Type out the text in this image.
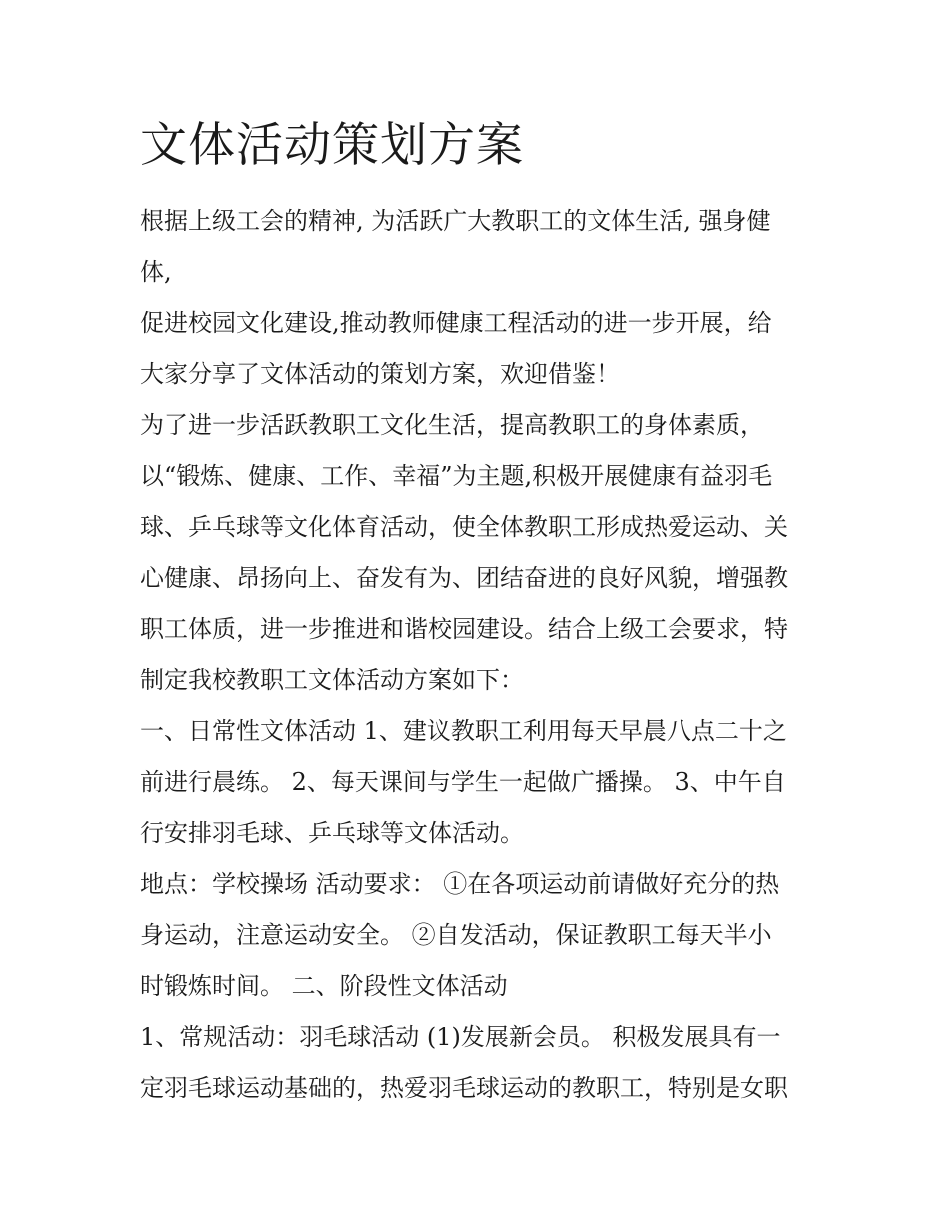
文体活动策划方案
根据上级工会的精神, 为活跃广大教职工的文体生活, 强身健
体,
促进校园文化建设,推动教师健康工程活动的进一步开展，给
大家分享了文体活动的策划方案，欢迎借鉴！
为了进一步活跃教职工文化生活，提高教职工的身体素质，
以“锻炼、健康、工作、幸福”为主题,积极开展健康有益羽毛
球、乒乓球等文化体育活动，使全体教职工形成热爱运动、关
心健康、昂扬向上、奋发有为、团结奋进的良好风貌，增强教
职工体质，进一步推进和谐校园建设。结合上级工会要求，特
制定我校教职工文体活动方案如下：
一、日常性文体活动 1、建议教职工利用每天早晨八点二十之
前进行晨练。 2、每天课间与学生一起做广播操。 3、中午自
行安排羽毛球、乒乓球等文体活动。
地点：学校操场 活动要求： ①在各项运动前请做好充分的热
身运动，注意运动安全。 ②自发活动，保证教职工每天半小
时锻炼时间。 二、阶段性文体活动
1、常规活动：羽毛球活动 (1)发展新会员。 积极发展具有一
定羽毛球运动基础的，热爱羽毛球运动的教职工，特别是女职
